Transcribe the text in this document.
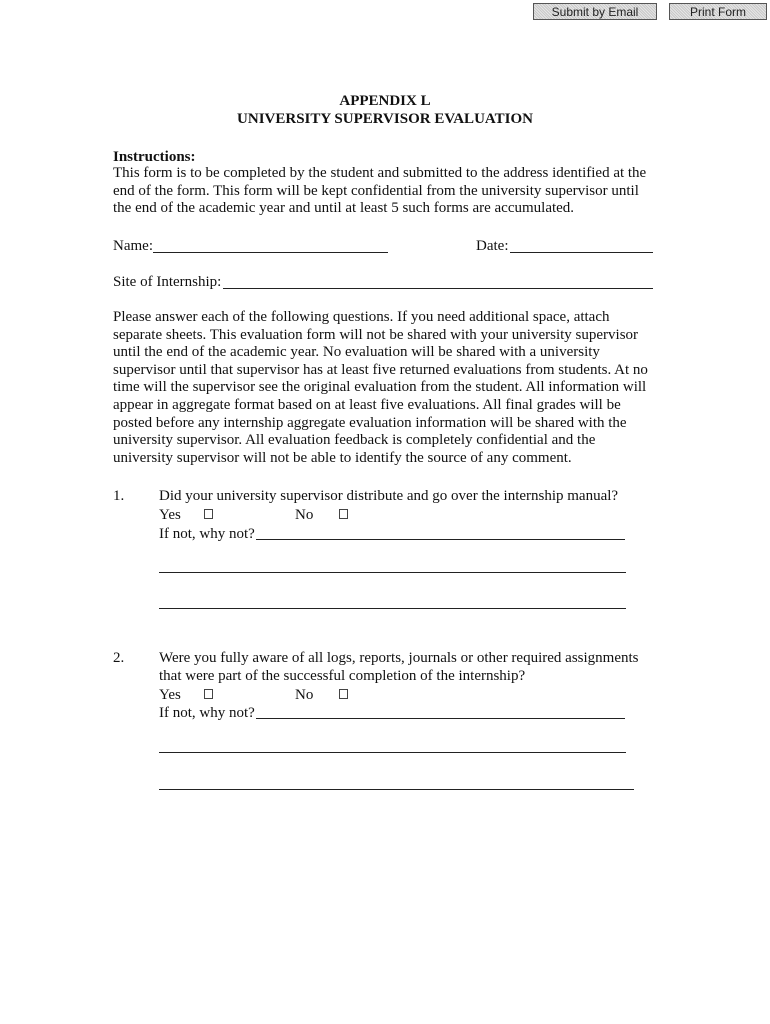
Submit by Email	Print Form
APPENDIX L
UNIVERSITY SUPERVISOR EVALUATION
Instructions:
This form is to be completed by the student and submitted to the address identified at the
end of the form. This form will be kept confidential from the university supervisor until
the end of the academic year and until at least 5 such forms are accumulated.
Name:	Date:
Site of Internship:
Please answer each of the following questions. If you need additional space, attach
separate sheets. This evaluation form will not be shared with your university supervisor
until the end of the academic year. No evaluation will be shared with a university
supervisor until that supervisor has at least five returned evaluations from students. At no
time will the supervisor see the original evaluation from the student. All information will
appear in aggregate format based on at least five evaluations. All final grades will be
posted before any internship aggregate evaluation information will be shared with the
university supervisor. All evaluation feedback is completely confidential and the
university supervisor will not be able to identify the source of any comment.
1. Did your university supervisor distribute and go over the internship manual?
Yes	No
If not, why not?
2. Were you fully aware of all logs, reports, journals or other required assignments
that were part of the successful completion of the internship?
Yes	No
If not, why not?
